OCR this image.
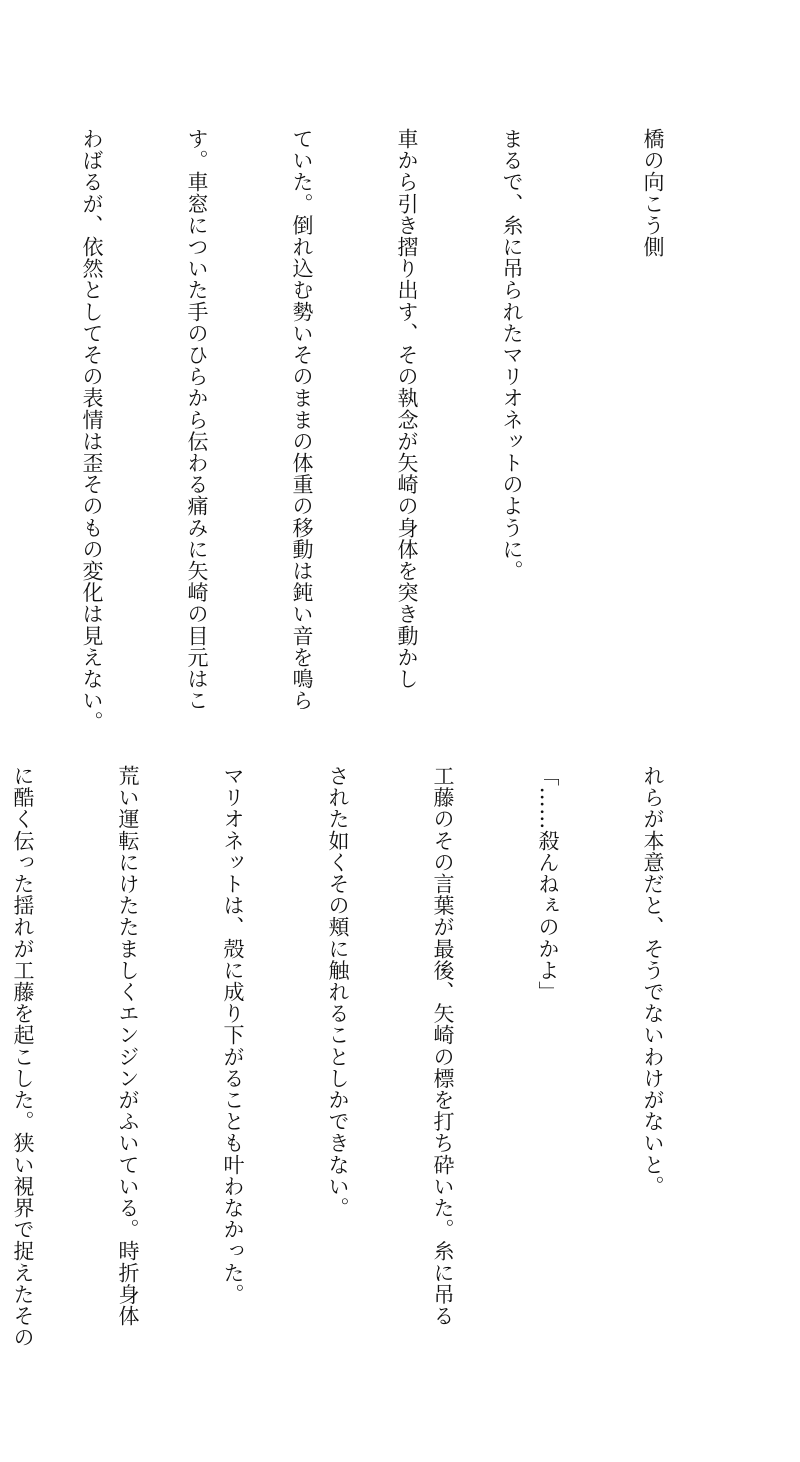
橋の向こう側

まるで、糸に吊られたマリオネットのように。

車から引き摺り出す、その執念が矢崎の身体を突き動かし

ていた。倒れ込む勢いそのままの体重の移動は鈍い音を鳴ら

す。車窓についた手のひらから伝わる痛みに矢崎の目元はこ

わばるが、依然としてその表情は歪そのもの変化は見えない。

れらが本意だと、そうでないわけがないと。

「……殺んねぇのかよ」

工藤のその言葉が最後、矢崎の標を打ち砕いた。糸に吊る

された如くその頬に触れることしかできない。

マリオネットは、殻に成り下がることも叶わなかった。

荒い運転にけたたましくエンジンがふいている。時折身体

に酷く伝った揺れが工藤を起こした。狭い視界で捉えたその
